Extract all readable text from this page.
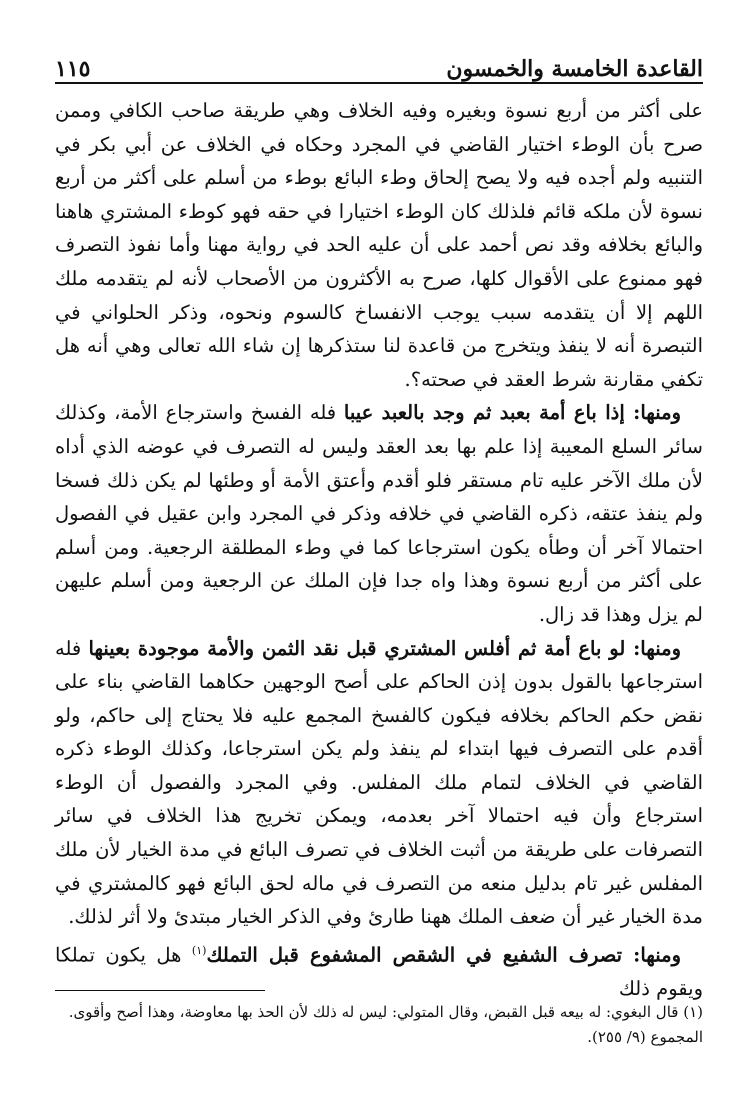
القاعدة الخامسة والخمسون
١١٥

على أكثر من أربع نسوة وبغيره وفيه الخلاف وهي طريقة صاحب الكافي وممن صرح بأن الوطء اختيار القاضي في المجرد وحكاه في الخلاف عن أبي بكر في التنبيه ولم أجده فيه ولا يصح إلحاق وطء البائع بوطء من أسلم على أكثر من أربع نسوة لأن ملكه قائم فلذلك كان الوطء اختيارا في حقه فهو كوطء المشتري هاهنا والبائع بخلافه وقد نص أحمد على أن عليه الحد في رواية مهنا وأما نفوذ التصرف فهو ممنوع على الأقوال كلها، صرح به الأكثرون من الأصحاب لأنه لم يتقدمه ملك اللهم إلا أن يتقدمه سبب يوجب الانفساخ كالسوم ونحوه، وذكر الحلواني في التبصرة أنه لا ينفذ ويتخرج من قاعدة لنا ستذكرها إن شاء الله تعالى وهي أنه هل تكفي مقارنة شرط العقد في صحته؟.

ومنها: إذا باع أمة بعبد ثم وجد بالعبد عيبا فله الفسخ واسترجاع الأمة، وكذلك سائر السلع المعيبة إذا علم بها بعد العقد وليس له التصرف في عوضه الذي أداه لأن ملك الآخر عليه تام مستقر فلو أقدم وأعتق الأمة أو وطئها لم يكن ذلك فسخا ولم ينفذ عتقه، ذكره القاضي في خلافه وذكر في المجرد وابن عقيل في الفصول احتمالا آخر أن وطأه يكون استرجاعا كما في وطء المطلقة الرجعية. ومن أسلم على أكثر من أربع نسوة وهذا واه جدا فإن الملك عن الرجعية ومن أسلم عليهن لم يزل وهذا قد زال.

ومنها: لو باع أمة ثم أفلس المشتري قبل نقد الثمن والأمة موجودة بعينها فله استرجاعها بالقول بدون إذن الحاكم على أصح الوجهين حكاهما القاضي بناء على نقض حكم الحاكم بخلافه فيكون كالفسخ المجمع عليه فلا يحتاج إلى حاكم، ولو أقدم على التصرف فيها ابتداء لم ينفذ ولم يكن استرجاعا، وكذلك الوطء ذكره القاضي في الخلاف لتمام ملك المفلس. وفي المجرد والفصول أن الوطء استرجاع وأن فيه احتمالا آخر بعدمه، ويمكن تخريج هذا الخلاف في سائر التصرفات على طريقة من أثبت الخلاف في تصرف البائع في مدة الخيار لأن ملك المفلس غير تام بدليل منعه من التصرف في ماله لحق البائع فهو كالمشتري في مدة الخيار غير أن ضعف الملك ههنا طارئ وفي الذكر الخيار مبتدئ ولا أثر لذلك.

ومنها: تصرف الشفيع في الشقص المشفوع قبل التملك$^{(١)}$ هل يكون تملكا ويقوم ذلك

(١) قال البغوي: له بيعه قبل القبض، وقال المتولي: ليس له ذلك لأن الحذ بها معاوضة، وهذا أصح وأقوى.

المجموع (٩/ ٢٥٥).
